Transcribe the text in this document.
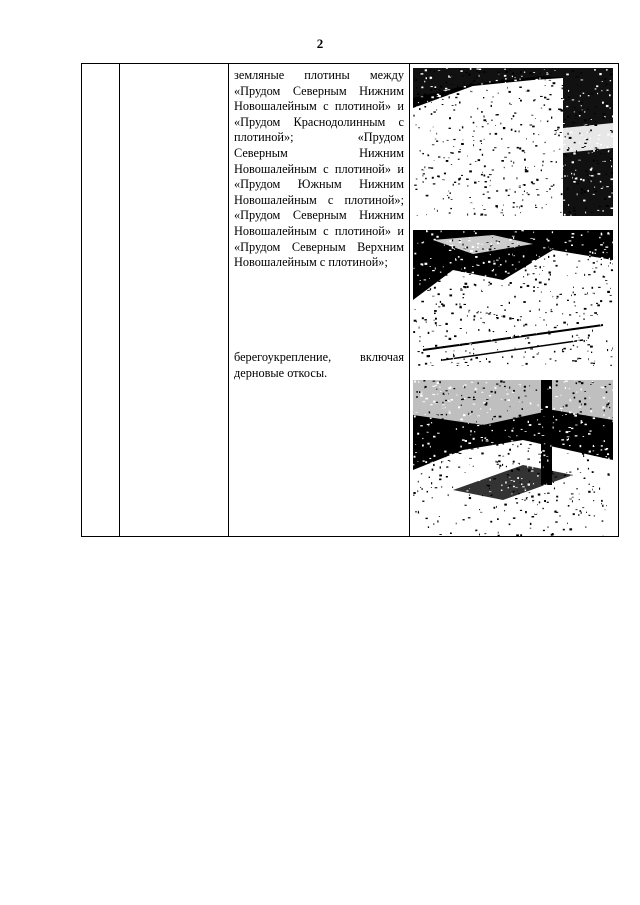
2

земляные плотины между

«Прудом Северным Нижним

Новошалейным с плотиной» и

«Прудом Краснодолинным с

плотиной»; «Прудом

Северным Нижним

Новошалейным с плотиной» и

«Прудом Южным Нижним

Новошалейным с плотиной»;

«Прудом Северным Нижним

Новошалейным с плотиной» и

«Прудом Северным Верхним

Новошалейным с плотиной»;

берегоукрепление, включая

дерновые откосы.
